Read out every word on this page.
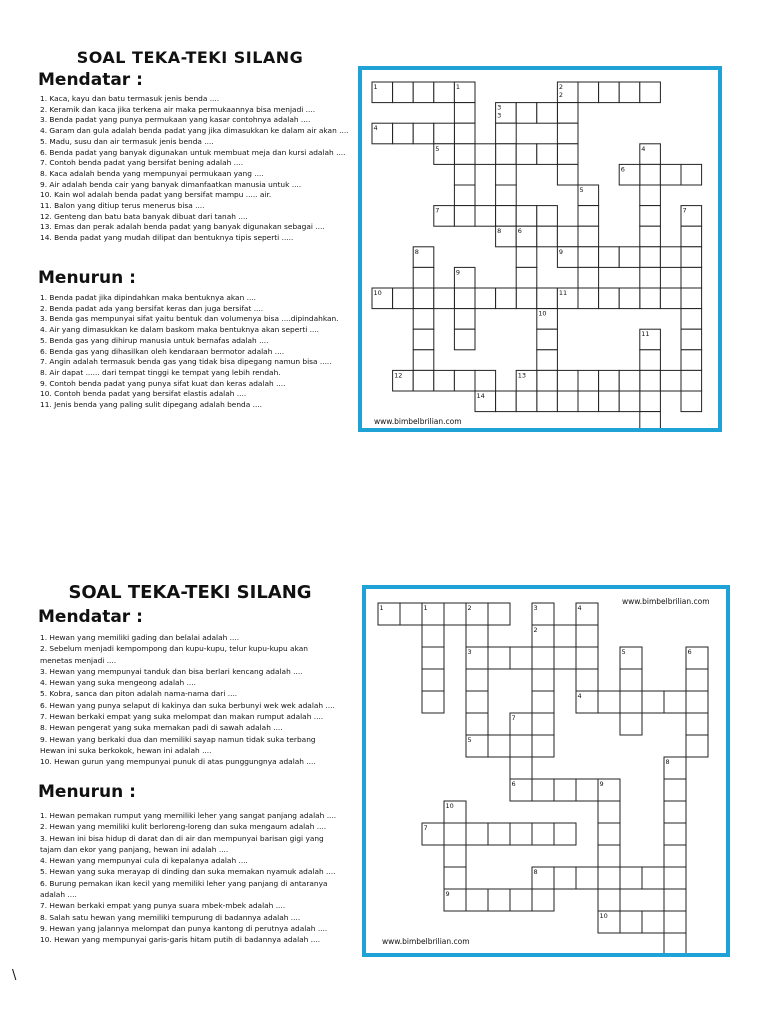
SOAL TEKA-TEKI SILANG
Mendatar :
1. Kaca, kayu dan batu termasuk jenis benda ....
2. Keramik dan kaca jika terkena air maka permukaannya bisa menjadi ....
3. Benda padat yang punya permukaan yang kasar contohnya adalah ....
4. Garam dan gula adalah benda padat yang jika dimasukkan ke dalam air akan ....
5. Madu, susu dan air termasuk jenis benda ....
6. Benda padat yang banyak digunakan untuk membuat meja dan kursi adalah ....
7. Contoh benda padat yang bersifat bening adalah ....
8. Kaca adalah benda yang mempunyai permukaan yang ....
9. Air adalah benda cair yang banyak dimanfaatkan manusia untuk ....
10. Kain wol adalah benda padat yang bersifat mampu ..... air.
11. Balon yang ditiup terus menerus bisa ....
12. Genteng dan batu bata banyak dibuat dari tanah ....
13. Emas dan perak adalah benda padat yang banyak digunakan sebagai ....
14. Benda padat yang mudah dilipat dan bentuknya tipis seperti .....
Menurun :
1. Benda padat jika dipindahkan maka bentuknya akan ....
2. Benda padat ada yang bersifat keras dan juga bersifat ....
3. Benda gas mempunyai sifat yaitu bentuk dan volumenya bisa ....dipindahkan.
4. Air yang dimasukkan ke dalam baskom maka bentuknya akan seperti ....
5. Benda gas yang dihirup manusia untuk bernafas adalah ....
6. Benda gas yang dihasilkan oleh kendaraan bermotor adalah ....
7. Angin adalah termasuk benda gas yang tidak bisa dipegang namun bisa .....
8. Air dapat ...... dari tempat tinggi ke tempat yang lebih rendah.
9. Contoh benda padat yang punya sifat kuat dan keras adalah ....
10. Contoh benda padat yang bersifat elastis adalah ....
11. Jenis benda yang paling sulit dipegang adalah benda ....
1	1	2
2
3
3
4
5	4
6
5
7	7
8	6
8	9
9
10	11
10
11
12	13
14
www.bimbelbrilian.com
SOAL TEKA-TEKI SILANG
Mendatar :
1. Hewan yang memiliki gading dan belalai adalah ....
2. Sebelum menjadi kempompong dan kupu-kupu, telur kupu-kupu akan
menetas menjadi ....
3. Hewan yang mempunyai tanduk dan bisa berlari kencang adalah ....
4. Hewan yang suka mengeong adalah ....
5. Kobra, sanca dan piton adalah nama-nama dari ....
6. Hewan yang punya selaput di kakinya dan suka berbunyi wek wek adalah ....
7. Hewan berkaki empat yang suka melompat dan makan rumput adalah ....
8. Hewan pengerat yang suka memakan padi di sawah adalah ....
9. Hewan yang berkaki dua dan memiliki sayap namun tidak suka terbang
Hewan ini suka berkokok, hewan ini adalah ....
10. Hewan gurun yang mempunyai punuk di atas punggungnya adalah ....
Menurun :
1. Hewan pemakan rumput yang memiliki leher yang sangat panjang adalah ....
2. Hewan yang memiliki kulit berloreng-loreng dan suka mengaum adalah ....
3. Hewan ini bisa hidup di darat dan di air dan mempunyai barisan gigi yang
tajam dan ekor yang panjang, hewan ini adalah ....
4. Hewan yang mempunyai cula di kepalanya adalah ....
5. Hewan yang suka merayap di dinding dan suka memakan nyamuk adalah ....
6. Burung pemakan ikan kecil yang memiliki leher yang panjang di antaranya
adalah ....
7. Hewan berkaki empat yang punya suara mbek-mbek adalah ....
8. Salah satu hewan yang memiliki tempurung di badannya adalah ....
9. Hewan yang jalannya melompat dan punya kantong di perutnya adalah ....
10. Hewan yang mempunyai garis-garis hitam putih di badannya adalah ....
1	1	2	3	4
2
3	5	6
4
7
5
8
6	9
10
7
8
9
10
www.bimbelbrilian.com
www.bimbelbrilian.com
\
